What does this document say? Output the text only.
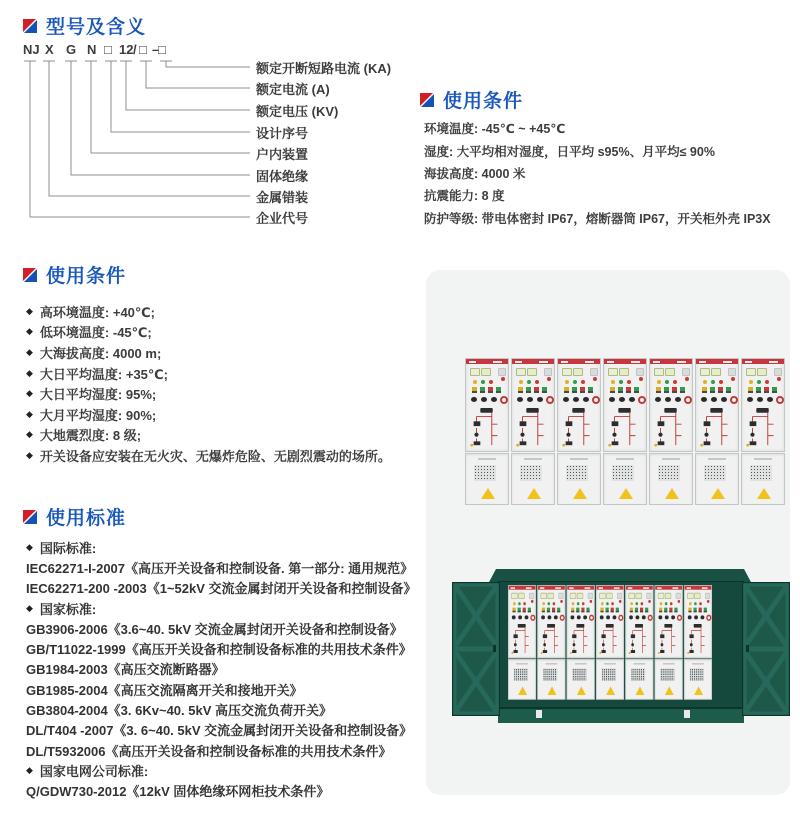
型号及含义
NJ X G N □ 12 / □ –
□
额定开断短路电流 (KA)
额定电流 (A)
额定电压 (KV)
设计序号
户内装置
固体绝缘
金属错装
企业代号
使用条件
环境温度: -45℃ ~ +45℃
湿度: 大平均相对湿度，日平均 s95%、月平均≤ 90%
海拔高度: 4000 米
抗震能力: 8 度
防护等级: 带电体密封 IP67，熔断器筒 IP67，开关柜外壳 IP3X
使用条件
◆ 高环境温度: +40℃;
◆ 低环境温度: -45℃;
◆ 大海拔高度: 4000 m;
◆ 大日平均温度: +35℃;
◆ 大日平均湿度: 95%;
◆ 大月平均湿度: 90%;
◆ 大地震烈度: 8 级;
◆ 开关设备应安装在无火灾、无爆炸危险、无剧烈震动的场所。
使用标准
◆ 国际标准:
IEC62271-I-2007《高压开关设备和控制设备. 第一部分: 通用规范》
IEC62271-200 -2003《1~52kV 交流金属封闭开关设备和控制设备》
◆ 国家标准:
GB3906-2006《3.6~40. 5kV 交流金属封闭开关设备和控制设备》
GB/T11022-1999《高压开关设备和控制设备标准的共用技术条件》
GB1984-2003《高压交流断路器》
GB1985-2004《高压交流隔离开关和接地开关》
GB3804-2004《3. 6Kv~40. 5kV 高压交流负荷开关》
DL/T404 -2007《3. 6~40. 5kV 交流金属封闭开关设备和控制设备》
DL/T5932006《高压开关设备和控制设备标准的共用技术条件》
◆ 国家电网公司标准:
Q/GDW730-2012《12kV 固体绝缘环网柜技术条件》
